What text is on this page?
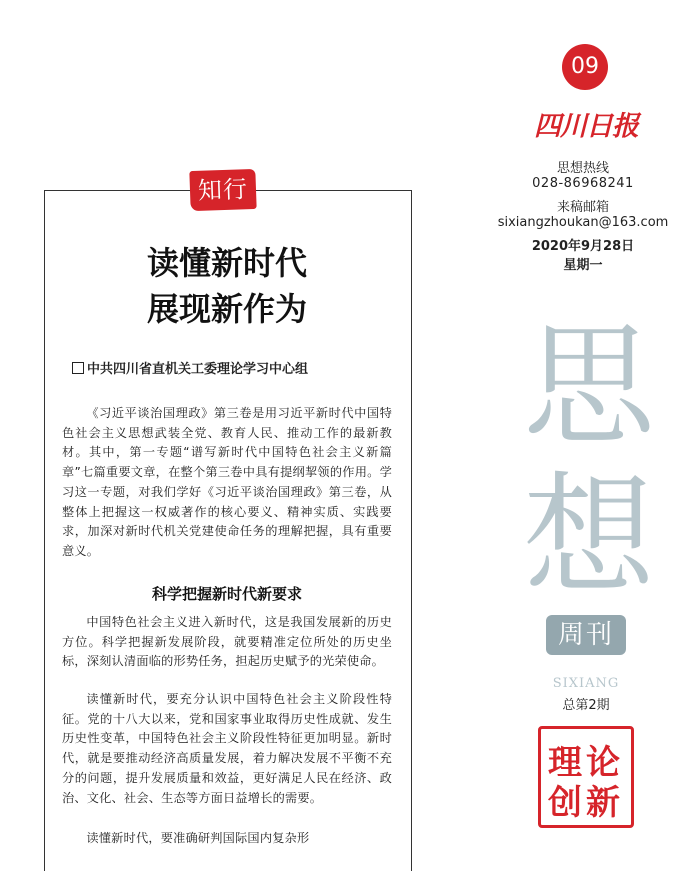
知行
读懂新时代
展现新作为
中共四川省直机关工委理论学习中心组

《习近平谈治国理政》第三卷是用习近平新时代中国特色社会主义思想武装全党、教育人民、推动工作的最新教材。其中，第一专题“谱写新时代中国特色社会主义新篇章”七篇重要文章，在整个第三卷中具有提纲挈领的作用。学习这一专题，对我们学好《习近平谈治国理政》第三卷，从整体上把握这一权威著作的核心要义、精神实质、实践要求，加深对新时代机关党建使命任务的理解把握，具有重要意义。

科学把握新时代新要求

中国特色社会主义进入新时代，这是我国发展新的历史方位。科学把握新发展阶段，就要精准定位所处的历史坐标，深刻认清面临的形势任务，担起历史赋予的光荣使命。

读懂新时代，要充分认识中国特色社会主义阶段性特征。党的十八大以来，党和国家事业取得历史性成就、发生历史性变革，中国特色社会主义阶段性特征更加明显。新时代，就是要推动经济高质量发展，着力解决发展不平衡不充分的问题，提升发展质量和效益，更好满足人民在经济、政治、文化、社会、生态等方面日益增长的需要。

读懂新时代，要准确研判国际国内复杂形

09
四川日报
思想热线
028-86968241
来稿邮箱
sixiangzhoukan@163.com
2020年9月28日
星期一
思
想
周刊
SIXIANG
总第2期
理论
创新
